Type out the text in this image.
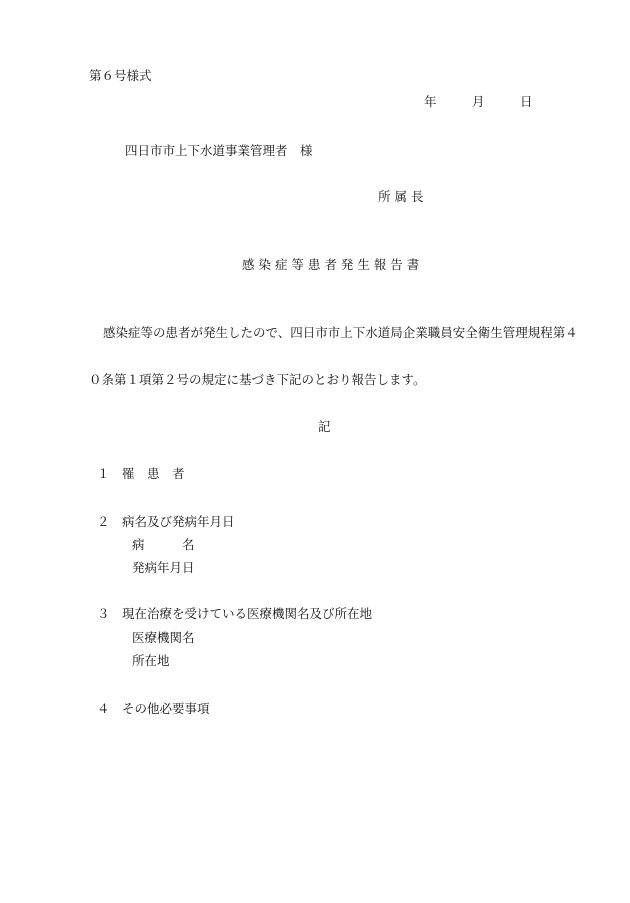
第６号様式
年	月	日
四日市市上下水道事業管理者　様
所 属 長
感 染 症 等 患 者 発 生 報 告 書
感染症等の患者が発生したので、四日市市上下水道局企業職員安全衛生管理規程第４
０条第１項第２号の規定に基づき下記のとおり報告します。
記
１　罹　患　者
２　病名及び発病年月日
病　　　名
発病年月日
３　現在治療を受けている医療機関名及び所在地
医療機関名
所在地
４　その他必要事項
